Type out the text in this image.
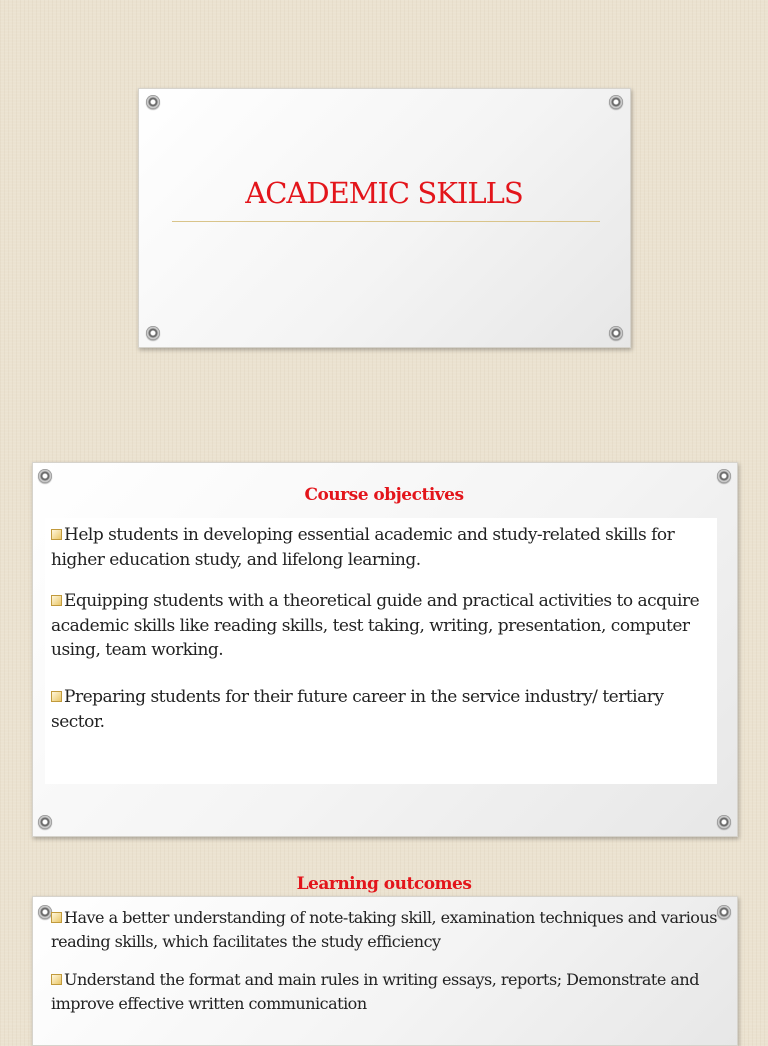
ACADEMIC SKILLS
Course objectives
Help students in developing essential academic and study-related skills for higher education study, and lifelong learning.
Equipping students with a theoretical guide and practical activities to acquire academic skills like reading skills, test taking, writing, presentation, computer using, team working.
Preparing students for their future career in the service industry/ tertiary sector.
Learning outcomes
Have a better understanding of note-taking skill, examination techniques and various reading skills, which facilitates the study efficiency
Understand the format and main rules in writing essays, reports; Demonstrate and improve effective written communication
